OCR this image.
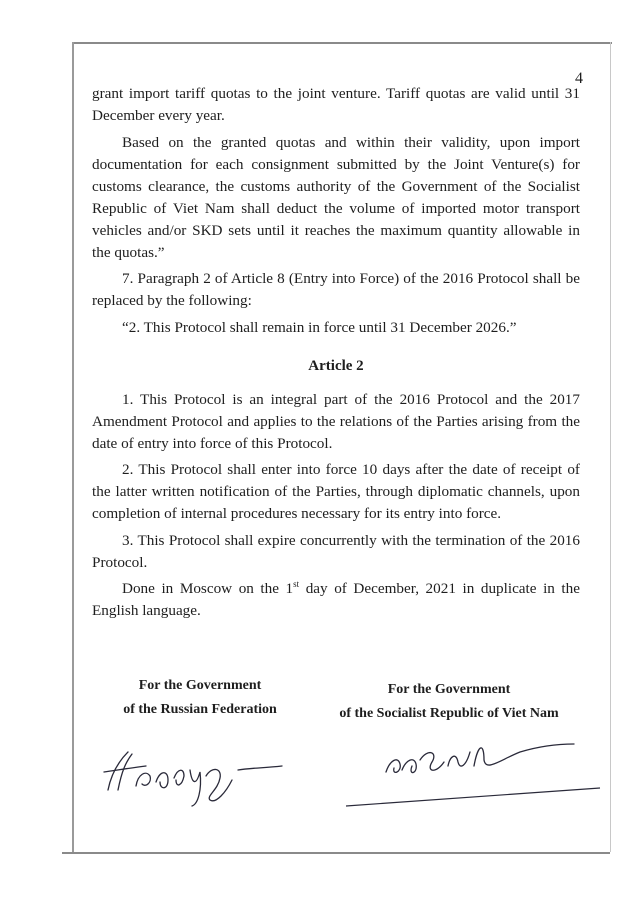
4

grant import tariff quotas to the joint venture. Tariff quotas are valid until 31 December every year.

Based on the granted quotas and within their validity, upon import documentation for each consignment submitted by the Joint Venture(s) for customs clearance, the customs authority of the Government of the Socialist Republic of Viet Nam shall deduct the volume of imported motor transport vehicles and/or SKD sets until it reaches the maximum quantity allowable in the quotas.”

7. Paragraph 2 of Article 8 (Entry into Force) of the 2016 Protocol shall be replaced by the following:

“2. This Protocol shall remain in force until 31 December 2026.”

Article 2

1. This Protocol is an integral part of the 2016 Protocol and the 2017 Amendment Protocol and applies to the relations of the Parties arising from the date of entry into force of this Protocol.

2. This Protocol shall enter into force 10 days after the date of receipt of the latter written notification of the Parties, through diplomatic channels, upon completion of internal procedures necessary for its entry into force.

3. This Protocol shall expire concurrently with the termination of the 2016 Protocol.

Done in Moscow on the 1st day of December, 2021 in duplicate in the English language.

For the Government
of the Russian Federation
For the Government
of the Socialist Republic of Viet Nam
